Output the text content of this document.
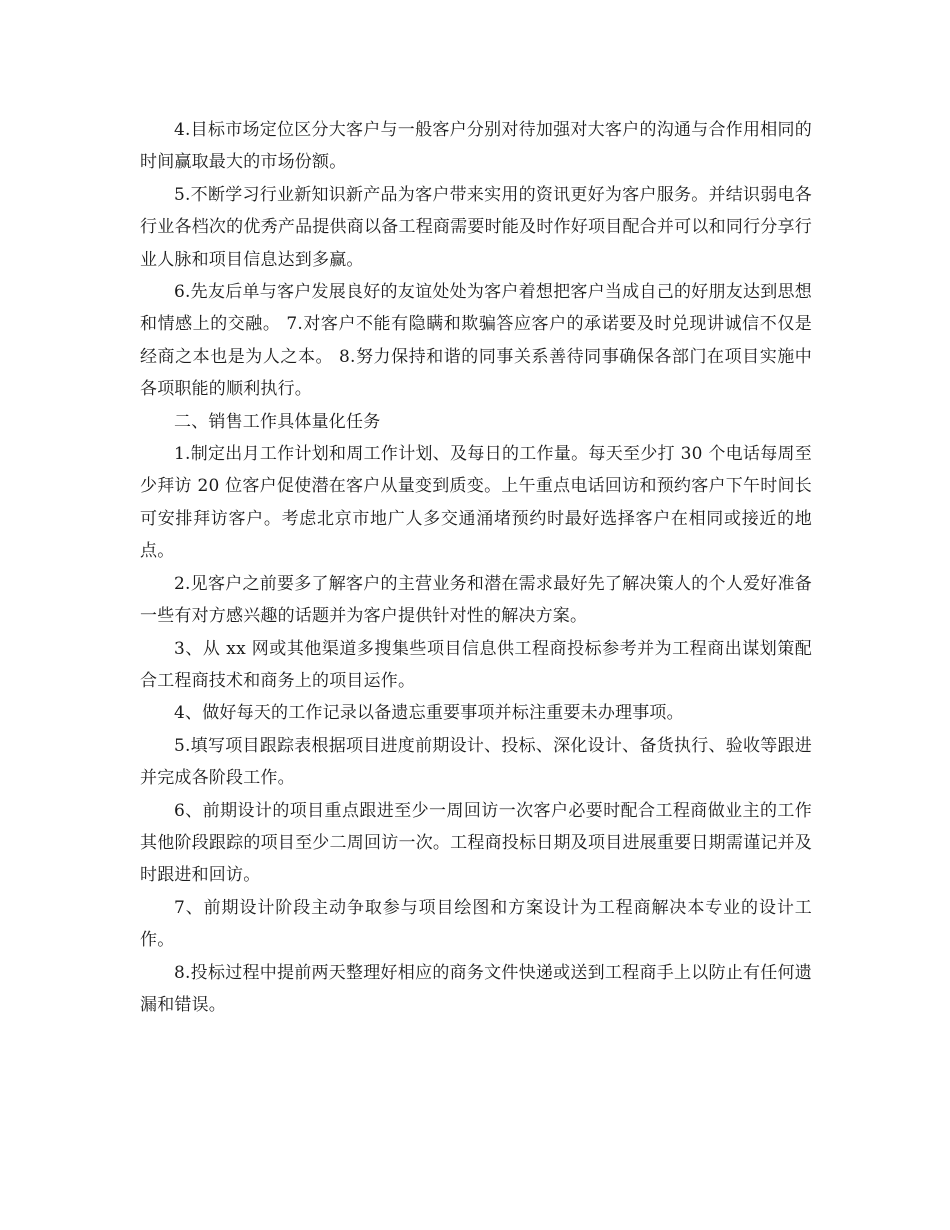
4.目标市场定位区分大客户与一般客户分别对待加强对大客户的沟通与合作用相同的时间赢取最大的市场份额。

5.不断学习行业新知识新产品为客户带来实用的资讯更好为客户服务。并结识弱电各行业各档次的优秀产品提供商以备工程商需要时能及时作好项目配合并可以和同行分享行业人脉和项目信息达到多赢。

6.先友后单与客户发展良好的友谊处处为客户着想把客户当成自己的好朋友达到思想和情感上的交融。 7.对客户不能有隐瞒和欺骗答应客户的承诺要及时兑现讲诚信不仅是经商之本也是为人之本。 8.努力保持和谐的同事关系善待同事确保各部门在项目实施中各项职能的顺利执行。

二、销售工作具体量化任务

1.制定出月工作计划和周工作计划、及每日的工作量。每天至少打 30 个电话每周至少拜访 20 位客户促使潜在客户从量变到质变。上午重点电话回访和预约客户下午时间长可安排拜访客户。考虑北京市地广人多交通涌堵预约时最好选择客户在相同或接近的地点。

2.见客户之前要多了解客户的主营业务和潜在需求最好先了解决策人的个人爱好准备一些有对方感兴趣的话题并为客户提供针对性的解决方案。

3、从 xx 网或其他渠道多搜集些项目信息供工程商投标参考并为工程商出谋划策配合工程商技术和商务上的项目运作。

4、做好每天的工作记录以备遗忘重要事项并标注重要未办理事项。

5.填写项目跟踪表根据项目进度前期设计、投标、深化设计、备货执行、验收等跟进并完成各阶段工作。

6、前期设计的项目重点跟进至少一周回访一次客户必要时配合工程商做业主的工作其他阶段跟踪的项目至少二周回访一次。工程商投标日期及项目进展重要日期需谨记并及时跟进和回访。

7、前期设计阶段主动争取参与项目绘图和方案设计为工程商解决本专业的设计工作。

8.投标过程中提前两天整理好相应的商务文件快递或送到工程商手上以防止有任何遗漏和错误。
